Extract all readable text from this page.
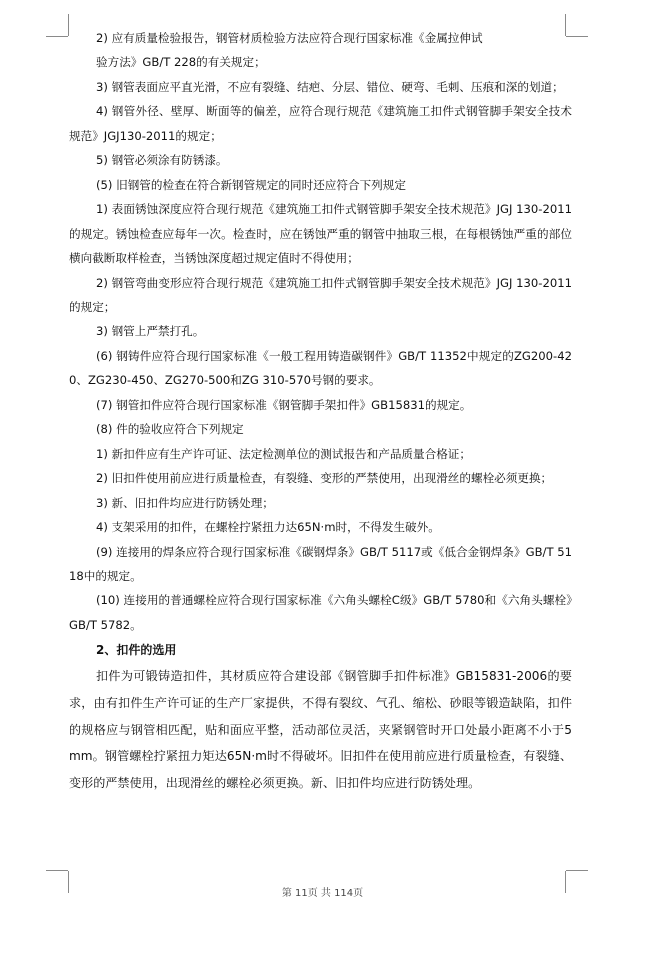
2) 应有质量检验报告，钢管材质检验方法应符合现行国家标准《金属拉伸试

验方法》GB/T 228的有关规定；

3) 钢管表面应平直光滑，不应有裂缝、结疤、分层、错位、硬弯、毛刺、压痕和深的划道；

4) 钢管外径、壁厚、断面等的偏差，应符合现行规范《建筑施工扣件式钢管脚手架安全技术规范》JGJ130-2011的规定；

5) 钢管必须涂有防锈漆。

(5) 旧钢管的检查在符合新钢管规定的同时还应符合下列规定

1) 表面锈蚀深度应符合现行规范《建筑施工扣件式钢管脚手架安全技术规范》JGJ 130-2011的规定。锈蚀检查应每年一次。检查时，应在锈蚀严重的钢管中抽取三根，在每根锈蚀严重的部位横向截断取样检查，当锈蚀深度超过规定值时不得使用；

2) 钢管弯曲变形应符合现行规范《建筑施工扣件式钢管脚手架安全技术规范》JGJ 130-2011的规定；

3) 钢管上严禁打孔。

(6) 钢铸件应符合现行国家标准《一般工程用铸造碳钢件》GB/T 11352中规定的ZG200-420、ZG230-450、ZG270-500和ZG 310-570号钢的要求。

(7) 钢管扣件应符合现行国家标准《钢管脚手架扣件》GB15831的规定。

(8) 件的验收应符合下列规定

1) 新扣件应有生产许可证、法定检测单位的测试报告和产品质量合格证；

2) 旧扣件使用前应进行质量检查，有裂缝、变形的严禁使用，出现滑丝的螺栓必须更换；

3) 新、旧扣件均应进行防锈处理；

4) 支架采用的扣件，在螺栓拧紧扭力达65N·m时，不得发生破外。

(9) 连接用的焊条应符合现行国家标准《碳钢焊条》GB/T 5117或《低合金钢焊条》GB/T 5118中的规定。

(10) 连接用的普通螺栓应符合现行国家标准《六角头螺栓C级》GB/T 5780和《六角头螺栓》GB/T 5782。

2、扣件的选用

扣件为可锻铸造扣件，其材质应符合建设部《钢管脚手扣件标准》GB15831-2006的要求，由有扣件生产许可证的生产厂家提供，不得有裂纹、气孔、缩松、砂眼等锻造缺陷，扣件的规格应与钢管相匹配，贴和面应平整，活动部位灵活，夹紧钢管时开口处最小距离不小于5mm。钢管螺栓拧紧扭力矩达65N·m时不得破坏。旧扣件在使用前应进行质量检查，有裂缝、变形的严禁使用，出现滑丝的螺栓必须更换。新、旧扣件均应进行防锈处理。

第 11页 共 114页
